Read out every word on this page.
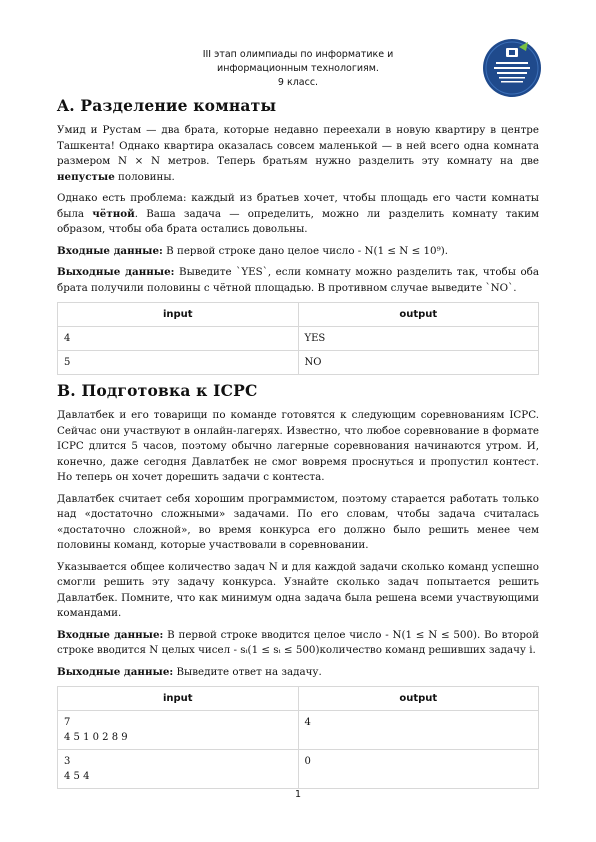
III этап олимпиады по информатике и
информационным технологиям.
9 класс.
A. Разделение комнаты

Умид и Рустам — два брата, которые недавно переехали в новую квартиру в центре Ташкента! Однако квартира оказалась совсем маленькой — в ней всего одна комната размером N × N метров. Теперь братьям нужно разделить эту комнату на две непустые половины.

Однако есть проблема: каждый из братьев хочет, чтобы площадь его части комнаты была чётной. Ваша задача — определить, можно ли разделить комнату таким образом, чтобы оба брата остались довольны.

Входные данные: В первой строке дано целое число - N(1 ≤ N ≤ 10⁹).

Выходные данные: Выведите `YES`, если комнату можно разделить так, чтобы оба брата получили половины с чётной площадью. В противном случае выведите `NO`.

input	output
4	YES
5	NO
B. Подготовка к ICPC

Давлатбек и его товарищи по команде готовятся к следующим соревнованиям ICPC. Сейчас они участвуют в онлайн-лагерях. Известно, что любое соревнование в формате ICPC длится 5 часов, поэтому обычно лагерные соревнования начинаются утром. И, конечно, даже сегодня Давлатбек не смог вовремя проснуться и пропустил контест. Но теперь он хочет дорешить задачи с контеста.

Давлатбек считает себя хорошим программистом, поэтому старается работать только над «достаточно сложными» задачами. По его словам, чтобы задача считалась «достаточно сложной», во время конкурса его должно было решить менее чем половины команд, которые участвовали в соревновании.

Указывается общее количество задач N и для каждой задачи сколько команд успешно смогли решить эту задачу конкурса. Узнайте сколько задач попытается решить Давлатбек. Помните, что как минимум одна задача была решена всеми участвующими командами.

Входные данные: В первой строке вводится целое число - N(1 ≤ N ≤ 500). Во второй строке вводится N целых чисел - sᵢ(1 ≤ sᵢ ≤ 500)количество команд решивших задачу i.

Выходные данные: Выведите ответ на задачу.

input	output
7
4 5 1 0 2 8 9	4
3
4 5 4	0
1
